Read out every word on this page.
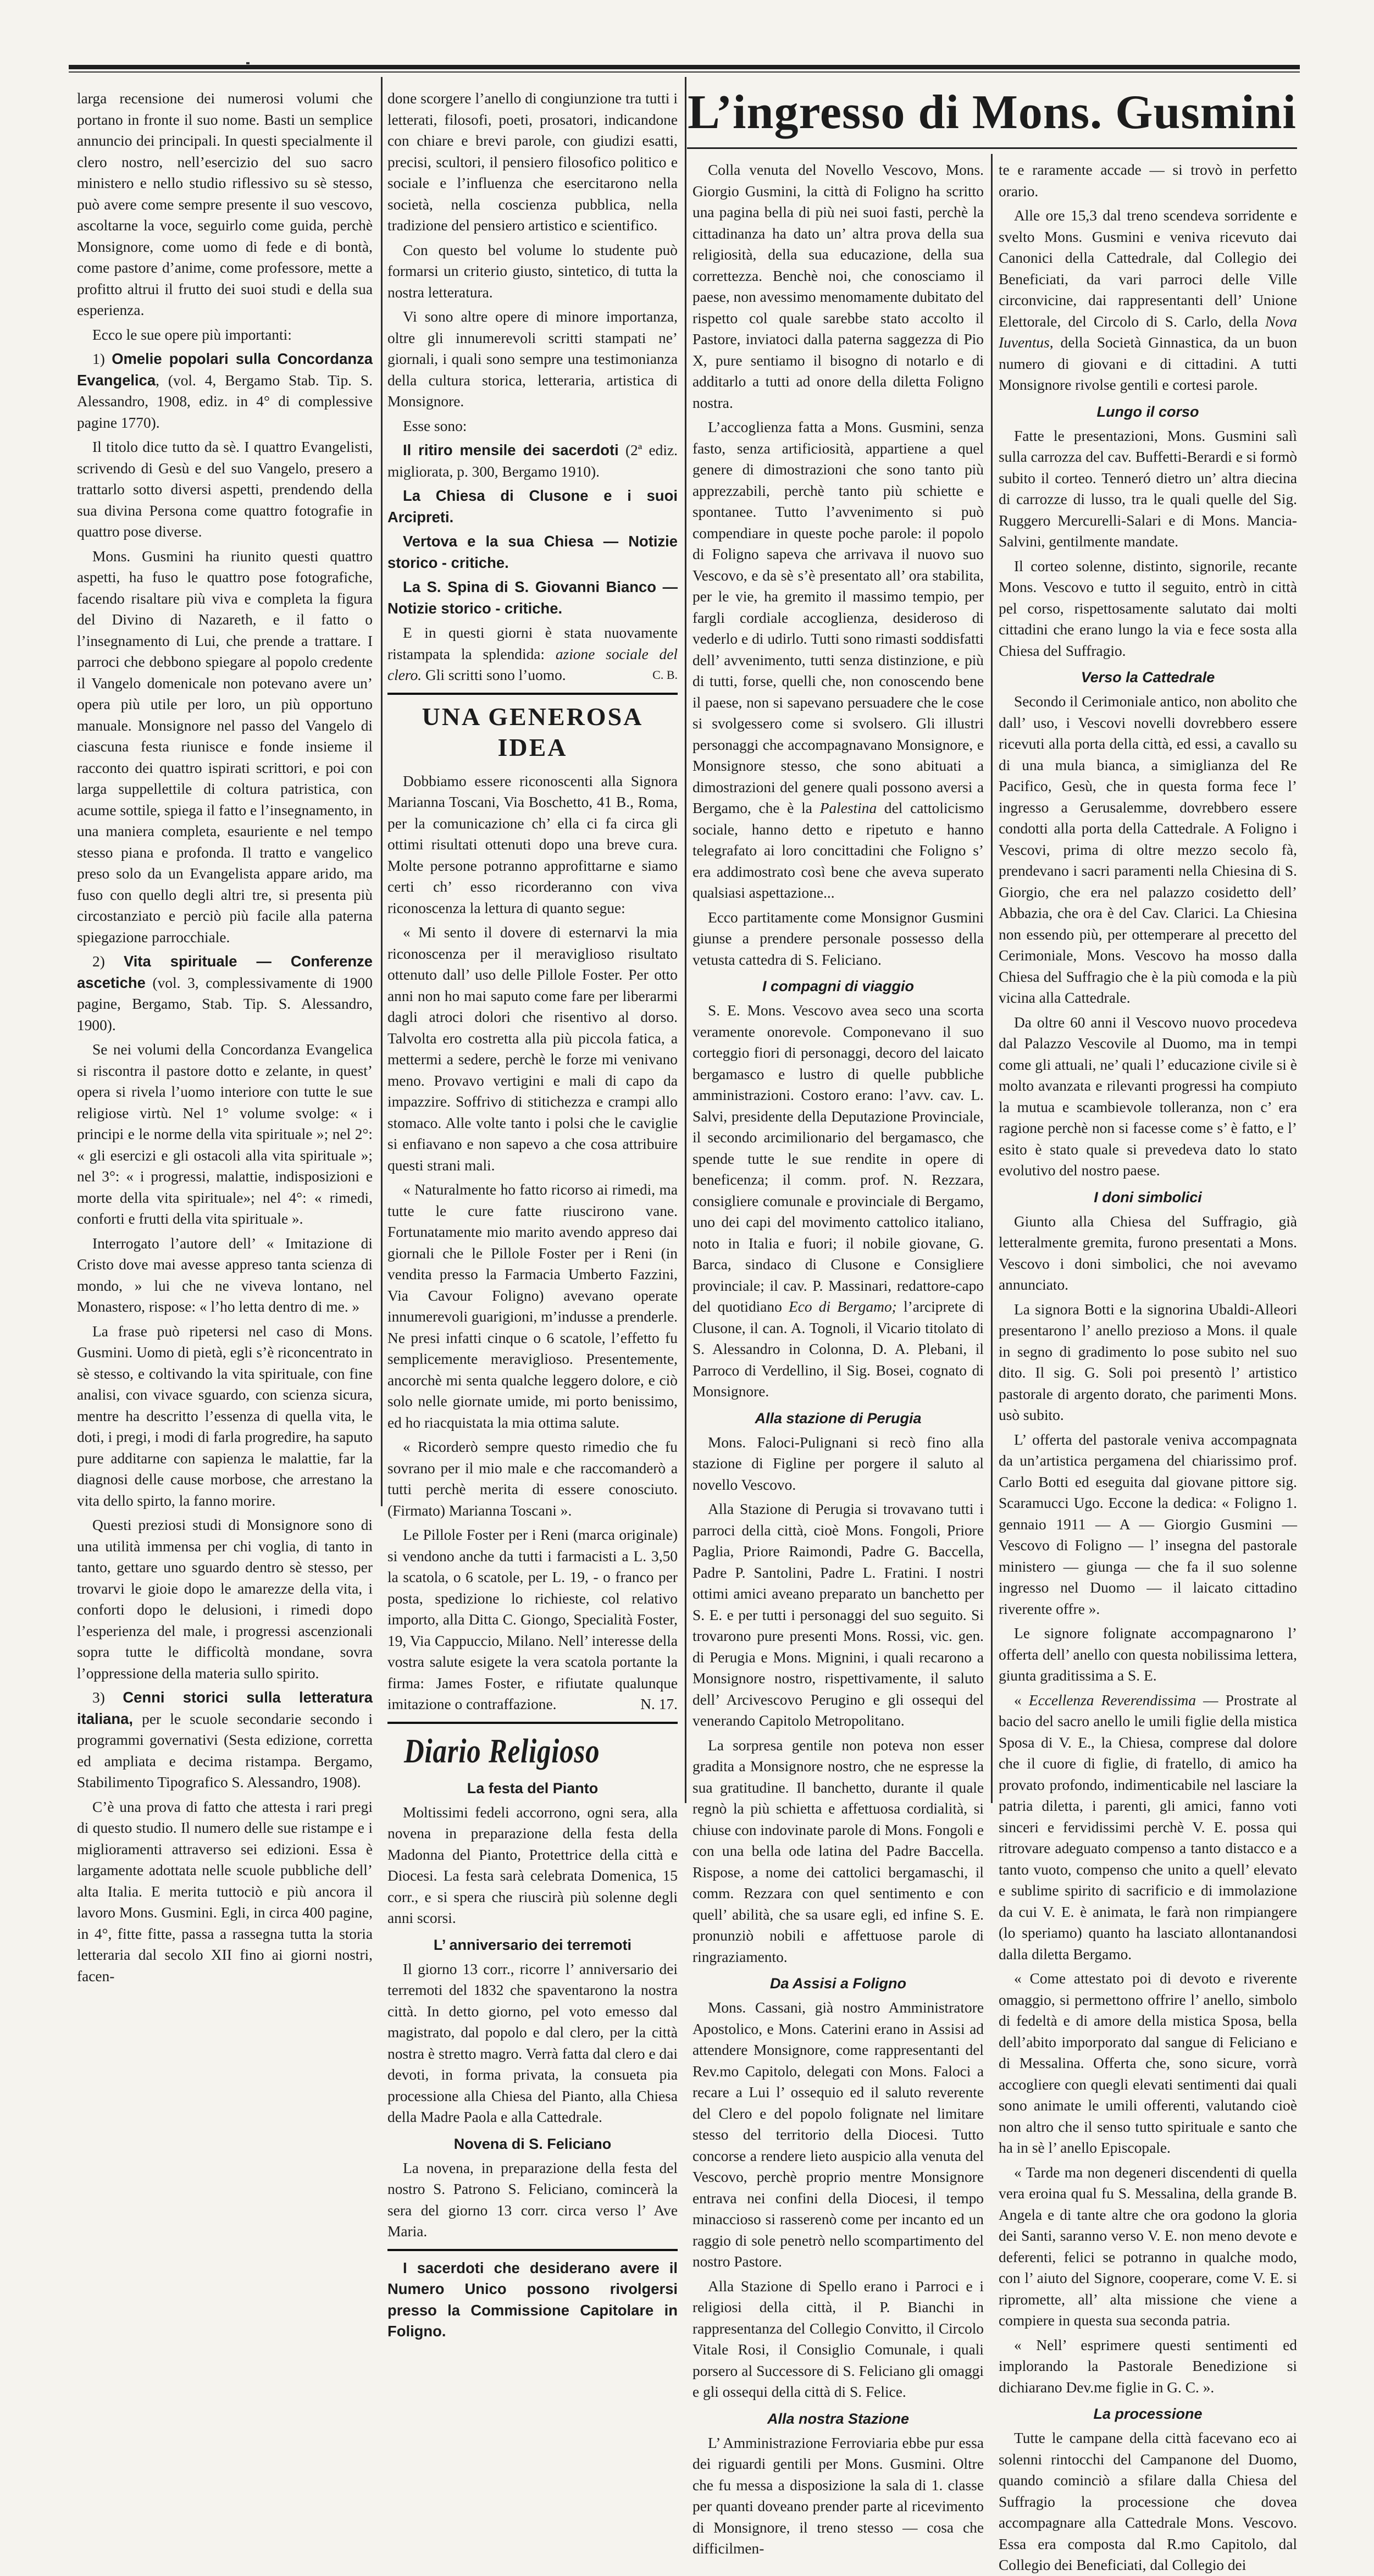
L’ingresso di Mons. Gusmini

larga recensione dei numerosi volumi che portano in fronte il suo nome. Basti un semplice annuncio dei principali. In questi specialmente il clero nostro, nell’esercizio del suo sacro ministero e nello studio riflessivo su sè stesso, può avere come sempre presente il suo vescovo, ascoltarne la voce, seguirlo come guida, perchè Monsignore, come uomo di fede e di bontà, come pastore d’anime, come professore, mette a profitto altrui il frutto dei suoi studi e della sua esperienza.

Ecco le sue opere più importanti:

1) Omelie popolari sulla Concordanza Evangelica, (vol. 4, Bergamo Stab. Tip. S. Alessandro, 1908, ediz. in 4° di complessive pagine 1770).

Il titolo dice tutto da sè. I quattro Evangelisti, scrivendo di Gesù e del suo Vangelo, presero a trattarlo sotto diversi aspetti, prendendo della sua divina Persona come quattro fotografie in quattro pose diverse.

Mons. Gusmini ha riunito questi quattro aspetti, ha fuso le quattro pose fotografiche, facendo risaltare più viva e completa la figura del Divino di Nazareth, e il fatto o l’insegnamento di Lui, che prende a trattare. I parroci che debbono spiegare al popolo credente il Vangelo domenicale non potevano avere un’ opera più utile per loro, un più opportuno manuale. Monsignore nel passo del Vangelo di ciascuna festa riunisce e fonde insieme il racconto dei quattro ispirati scrittori, e poi con larga suppellettile di coltura patristica, con acume sottile, spiega il fatto e l’insegnamento, in una maniera completa, esauriente e nel tempo stesso piana e profonda. Il tratto e vangelico preso solo da un Evangelista appare arido, ma fuso con quello degli altri tre, si presenta più circostanziato e perciò più facile alla paterna spiegazione parrocchiale.

2) Vita spirituale — Conferenze ascetiche (vol. 3, complessivamente di 1900 pagine, Bergamo, Stab. Tip. S. Alessandro, 1900).

Se nei volumi della Concordanza Evangelica si riscontra il pastore dotto e zelante, in quest’ opera si rivela l’uomo interiore con tutte le sue religiose virtù. Nel 1° volume svolge: « i principi e le norme della vita spirituale »; nel 2°: « gli esercizi e gli ostacoli alla vita spirituale »; nel 3°: « i progressi, malattie, indisposizioni e morte della vita spirituale»; nel 4°: « rimedi, conforti e frutti della vita spirituale ».

Interrogato l’autore dell’ « Imitazione di Cristo dove mai avesse appreso tanta scienza di mondo, » lui che ne viveva lontano, nel Monastero, rispose: « l’ho letta dentro di me. »

La frase può ripetersi nel caso di Mons. Gusmini. Uomo di pietà, egli s’è riconcentrato in sè stesso, e coltivando la vita spirituale, con fine analisi, con vivace sguardo, con scienza sicura, mentre ha descritto l’essenza di quella vita, le doti, i pregi, i modi di farla progredire, ha saputo pure additarne con sapienza le malattie, far la diagnosi delle cause morbose, che arrestano la vita dello spirto, la fanno morire.

Questi preziosi studi di Monsignore sono di una utilità immensa per chi voglia, di tanto in tanto, gettare uno sguardo dentro sè stesso, per trovarvi le gioie dopo le amarezze della vita, i conforti dopo le delusioni, i rimedi dopo l’esperienza del male, i progressi ascenzionali sopra tutte le difficoltà mondane, sovra l’oppressione della materia sullo spirito.

3) Cenni storici sulla letteratura italiana, per le scuole secondarie secondo i programmi governativi (Sesta edizione, corretta ed ampliata e decima ristampa. Bergamo, Stabilimento Tipografico S. Alessandro, 1908).

C’è una prova di fatto che attesta i rari pregi di questo studio. Il numero delle sue ristampe e i miglioramenti attraverso sei edizioni. Essa è largamente adottata nelle scuole pubbliche dell’ alta Italia. E merita tuttociò e più ancora il lavoro Mons. Gusmini. Egli, in circa 400 pagine, in 4°, fitte fitte, passa a rassegna tutta la storia letteraria dal secolo XII fino ai giorni nostri, facen-

done scorgere l’anello di congiunzione tra tutti i letterati, filosofi, poeti, prosatori, indicandone con chiare e brevi parole, con giudizi esatti, precisi, scultori, il pensiero filosofico politico e sociale e l’influenza che esercitarono nella società, nella coscienza pubblica, nella tradizione del pensiero artistico e scientifico.

Con questo bel volume lo studente può formarsi un criterio giusto, sintetico, di tutta la nostra letteratura.

Vi sono altre opere di minore importanza, oltre gli innumerevoli scritti stampati ne’ giornali, i quali sono sempre una testimonianza della cultura storica, letteraria, artistica di Monsignore.

Esse sono:

Il ritiro mensile dei sacerdoti (2ª ediz. migliorata, p. 300, Bergamo 1910).

La Chiesa di Clusone e i suoi Arcipreti.

Vertova e la sua Chiesa — Notizie storico - critiche.

La S. Spina di S. Giovanni Bianco — Notizie storico - critiche.

E in questi giorni è stata nuovamente ristampata la splendida: azione sociale del clero. Gli scritti sono l’uomo.	C. B.

UNA GENEROSA IDEA

Dobbiamo essere riconoscenti alla Signora Marianna Toscani, Via Boschetto, 41 B., Roma, per la comunicazione ch’ ella ci fa circa gli ottimi risultati ottenuti dopo una breve cura. Molte persone potranno approfittarne e siamo certi ch’ esso ricorderanno con viva riconoscenza la lettura di quanto segue:

« Mi sento il dovere di esternarvi la mia riconoscenza per il meraviglioso risultato ottenuto dall’ uso delle Pillole Foster. Per otto anni non ho mai saputo come fare per liberarmi dagli atroci dolori che risentivo al dorso. Talvolta ero costretta alla più piccola fatica, a mettermi a sedere, perchè le forze mi venivano meno. Provavo vertigini e mali di capo da impazzire. Soffrivo di stitichezza e crampi allo stomaco. Alle volte tanto i polsi che le caviglie si enfiavano e non sapevo a che cosa attribuire questi strani mali.

« Naturalmente ho fatto ricorso ai rimedi, ma tutte le cure fatte riuscirono vane. Fortunatamente mio marito avendo appreso dai giornali che le Pillole Foster per i Reni (in vendita presso la Farmacia Umberto Fazzini, Via Cavour Foligno) avevano operate innumerevoli guarigioni, m’indusse a prenderle. Ne presi infatti cinque o 6 scatole, l’effetto fu semplicemente meraviglioso. Presentemente, ancorchè mi senta qualche leggero dolore, e ciò solo nelle giornate umide, mi porto benissimo, ed ho riacquistata la mia ottima salute.

« Ricorderò sempre questo rimedio che fu sovrano per il mio male e che raccomanderò a tutti perchè merita di essere conosciuto. (Firmato) Marianna Toscani ».

Le Pillole Foster per i Reni (marca originale) si vendono anche da tutti i farmacisti a L. 3,50 la scatola, o 6 scatole, per L. 19, - o franco per posta, spedizione lo richieste, col relativo importo, alla Ditta C. Giongo, Specialità Foster, 19, Via Cappuccio, Milano. Nell’ interesse della vostra salute esigete la vera scatola portante la firma: James Foster, e rifiutate qualunque imitazione o contraffazione.	N. 17.

Diario Religioso
La festa del Pianto

Moltissimi fedeli accorrono, ogni sera, alla novena in preparazione della festa della Madonna del Pianto, Protettrice della città e Diocesi. La festa sarà celebrata Domenica, 15 corr., e si spera che riuscirà più solenne degli anni scorsi.

L’ anniversario dei terremoti

Il giorno 13 corr., ricorre l’ anniversario dei terremoti del 1832 che spaventarono la nostra città. In detto giorno, pel voto emesso dal magistrato, dal popolo e dal clero, per la città nostra è stretto magro. Verrà fatta dal clero e dai devoti, in forma privata, la consueta pia processione alla Chiesa del Pianto, alla Chiesa della Madre Paola e alla Cattedrale.

Novena di S. Feliciano

La novena, in preparazione della festa del nostro S. Patrono S. Feliciano, comincerà la sera del giorno 13 corr. circa verso l’ Ave Maria.

I sacerdoti che desiderano avere il Numero Unico possono rivolgersi presso la Commissione Capitolare in Foligno.

Colla venuta del Novello Vescovo, Mons. Giorgio Gusmini, la città di Foligno ha scritto una pagina bella di più nei suoi fasti, perchè la cittadinanza ha dato un’ altra prova della sua religiosità, della sua educazione, della sua correttezza. Benchè noi, che conosciamo il paese, non avessimo menomamente dubitato del rispetto col quale sarebbe stato accolto il Pastore, inviatoci dalla paterna saggezza di Pio X, pure sentiamo il bisogno di notarlo e di additarlo a tutti ad onore della diletta Foligno nostra.

L’accoglienza fatta a Mons. Gusmini, senza fasto, senza artificiosità, appartiene a quel genere di dimostrazioni che sono tanto più apprezzabili, perchè tanto più schiette e spontanee. Tutto l’avvenimento si può compendiare in queste poche parole: il popolo di Foligno sapeva che arrivava il nuovo suo Vescovo, e da sè s’è presentato all’ ora stabilita, per le vie, ha gremito il massimo tempio, per fargli cordiale accoglienza, desideroso di vederlo e di udirlo. Tutti sono rimasti soddisfatti dell’ avvenimento, tutti senza distinzione, e più di tutti, forse, quelli che, non conoscendo bene il paese, non si sapevano persuadere che le cose si svolgessero come si svolsero. Gli illustri personaggi che accompagnavano Monsignore, e Monsignore stesso, che sono abituati a dimostrazioni del genere quali possono aversi a Bergamo, che è la Palestina del cattolicismo sociale, hanno detto e ripetuto e hanno telegrafato ai loro concittadini che Foligno s’ era addimostrato così bene che aveva superato qualsiasi aspettazione...

Ecco partitamente come Monsignor Gusmini giunse a prendere personale possesso della vetusta cattedra di S. Feliciano.

I compagni di viaggio

S. E. Mons. Vescovo avea seco una scorta veramente onorevole. Componevano il suo corteggio fiori di personaggi, decoro del laicato bergamasco e lustro di quelle pubbliche amministrazioni. Costoro erano: l’avv. cav. L. Salvi, presidente della Deputazione Provinciale, il secondo arcimilionario del bergamasco, che spende tutte le sue rendite in opere di beneficenza; il comm. prof. N. Rezzara, consigliere comunale e provinciale di Bergamo, uno dei capi del movimento cattolico italiano, noto in Italia e fuori; il nobile giovane, G. Barca, sindaco di Clusone e Consigliere provinciale; il cav. P. Massinari, redattore-capo del quotidiano Eco di Bergamo; l’arciprete di Clusone, il can. A. Tognoli, il Vicario titolato di S. Alessandro in Colonna, D. A. Plebani, il Parroco di Verdellino, il Sig. Bosei, cognato di Monsignore.

Alla stazione di Perugia

Mons. Faloci-Pulignani si recò fino alla stazione di Figline per porgere il saluto al novello Vescovo.

Alla Stazione di Perugia si trovavano tutti i parroci della città, cioè Mons. Fongoli, Priore Paglia, Priore Raimondi, Padre G. Baccella, Padre P. Santolini, Padre L. Fratini. I nostri ottimi amici aveano preparato un banchetto per S. E. e per tutti i personaggi del suo seguito. Si trovarono pure presenti Mons. Rossi, vic. gen. di Perugia e Mons. Mignini, i quali recarono a Monsignore nostro, rispettivamente, il saluto dell’ Arcivescovo Perugino e gli ossequi del venerando Capitolo Metropolitano.

La sorpresa gentile non poteva non esser gradita a Monsignore nostro, che ne espresse la sua gratitudine. Il banchetto, durante il quale regnò la più schietta e affettuosa cordialità, si chiuse con indovinate parole di Mons. Fongoli e con una bella ode latina del Padre Baccella. Rispose, a nome dei cattolici bergamaschi, il comm. Rezzara con quel sentimento e con quell’ abilità, che sa usare egli, ed infine S. E. pronunziò nobili e affettuose parole di ringraziamento.

Da Assisi a Foligno

Mons. Cassani, già nostro Amministratore Apostolico, e Mons. Caterini erano in Assisi ad attendere Monsignore, come rappresentanti del Rev.mo Capitolo, delegati con Mons. Faloci a recare a Lui l’ ossequio ed il saluto reverente del Clero e del popolo folignate nel limitare stesso del territorio della Diocesi. Tutto concorse a rendere lieto auspicio alla venuta del Vescovo, perchè proprio mentre Monsignore entrava nei confini della Diocesi, il tempo minaccioso si rasserenò come per incanto ed un raggio di sole penetrò nello scompartimento del nostro Pastore.

Alla Stazione di Spello erano i Parroci e i religiosi della città, il P. Bianchi in rappresentanza del Collegio Convitto, il Circolo Vitale Rosi, il Consiglio Comunale, i quali porsero al Successore di S. Feliciano gli omaggi e gli ossequi della città di S. Felice.

Alla nostra Stazione

L’ Amministrazione Ferroviaria ebbe pur essa dei riguardi gentili per Mons. Gusmini. Oltre che fu messa a disposizione la sala di 1. classe per quanti doveano prender parte al ricevimento di Monsignore, il treno stesso — cosa che difficilmen-

te e raramente accade — si trovò in perfetto orario.

Alle ore 15,3 dal treno scendeva sorridente e svelto Mons. Gusmini e veniva ricevuto dai Canonici della Cattedrale, dal Collegio dei Beneficiati, da vari parroci delle Ville circonvicine, dai rappresentanti dell’ Unione Elettorale, del Circolo di S. Carlo, della Nova Iuventus, della Società Ginnastica, da un buon numero di giovani e di cittadini. A tutti Monsignore rivolse gentili e cortesi parole.

Lungo il corso

Fatte le presentazioni, Mons. Gusmini salì sulla carrozza del cav. Buffetti-Berardi e si formò subito il corteo. Tenneró dietro un’ altra diecina di carrozze di lusso, tra le quali quelle del Sig. Ruggero Mercurelli-Salari e di Mons. Mancia-Salvini, gentilmente mandate.

Il corteo solenne, distinto, signorile, recante Mons. Vescovo e tutto il seguito, entrò in città pel corso, rispettosamente salutato dai molti cittadini che erano lungo la via e fece sosta alla Chiesa del Suffragio.

Verso la Cattedrale

Secondo il Cerimoniale antico, non abolito che dall’ uso, i Vescovi novelli dovrebbero essere ricevuti alla porta della città, ed essi, a cavallo su di una mula bianca, a simiglianza del Re Pacifico, Gesù, che in questa forma fece l’ ingresso a Gerusalemme, dovrebbero essere condotti alla porta della Cattedrale. A Foligno i Vescovi, prima di oltre mezzo secolo fà, prendevano i sacri paramenti nella Chiesina di S. Giorgio, che era nel palazzo cosidetto dell’ Abbazia, che ora è del Cav. Clarici. La Chiesina non essendo più, per ottemperare al precetto del Cerimoniale, Mons. Vescovo ha mosso dalla Chiesa del Suffragio che è la più comoda e la più vicina alla Cattedrale.

Da oltre 60 anni il Vescovo nuovo procedeva dal Palazzo Vescovile al Duomo, ma in tempi come gli attuali, ne’ quali l’ educazione civile si è molto avanzata e rilevanti progressi ha compiuto la mutua e scambievole tolleranza, non c’ era ragione perchè non si facesse come s’ è fatto, e l’ esito è stato quale si prevedeva dato lo stato evolutivo del nostro paese.

I doni simbolici

Giunto alla Chiesa del Suffragio, già letteralmente gremita, furono presentati a Mons. Vescovo i doni simbolici, che noi avevamo annunciato.

La signora Botti e la signorina Ubaldi-Alleori presentarono l’ anello prezioso a Mons. il quale in segno di gradimento lo pose subito nel suo dito. Il sig. G. Soli poi presentò l’ artistico pastorale di argento dorato, che parimenti Mons. usò subito.

L’ offerta del pastorale veniva accompagnata da un’artistica pergamena del chiarissimo prof. Carlo Botti ed eseguita dal giovane pittore sig. Scaramucci Ugo. Eccone la dedica: « Foligno 1. gennaio 1911 — A — Giorgio Gusmini — Vescovo di Foligno — l’ insegna del pastorale ministero — giunga — che fa il suo solenne ingresso nel Duomo — il laicato cittadino riverente offre ».

Le signore folignate accompagnarono l’ offerta dell’ anello con questa nobilissima lettera, giunta graditissima a S. E.

« Eccellenza Reverendissima — Prostrate al bacio del sacro anello le umili figlie della mistica Sposa di V. E., la Chiesa, comprese dal dolore che il cuore di figlie, di fratello, di amico ha provato profondo, indimenticabile nel lasciare la patria diletta, i parenti, gli amici, fanno voti sinceri e fervidissimi perchè V. E. possa qui ritrovare adeguato compenso a tanto distacco e a tanto vuoto, compenso che unito a quell’ elevato e sublime spirito di sacrificio e di immolazione da cui V. E. è animata, le farà non rimpiangere (lo speriamo) quanto ha lasciato allontanandosi dalla diletta Bergamo.

« Come attestato poi di devoto e riverente omaggio, si permettono offrire l’ anello, simbolo di fedeltà e di amore della mistica Sposa, bella dell’abito imporporato dal sangue di Feliciano e di Messalina. Offerta che, sono sicure, vorrà accogliere con quegli elevati sentimenti dai quali sono animate le umili offerenti, valutando cioè non altro che il senso tutto spirituale e santo che ha in sè l’ anello Episcopale.

« Tarde ma non degeneri discendenti di quella vera eroina qual fu S. Messalina, della grande B. Angela e di tante altre che ora godono la gloria dei Santi, saranno verso V. E. non meno devote e deferenti, felici se potranno in qualche modo, con l’ aiuto del Signore, cooperare, come V. E. si ripromette, all’ alta missione che viene a compiere in questa sua seconda patria.

« Nell’ esprimere questi sentimenti ed implorando la Pastorale Benedizione si dichiarano Dev.me figlie in G. C. ».

La processione

Tutte le campane della città facevano eco ai solenni rintocchi del Campanone del Duomo, quando cominciò a sfilare dalla Chiesa del Suffragio la processione che dovea accompagnare alla Cattedrale Mons. Vescovo. Essa era composta dal R.mo Capitolo, dal Collegio dei Beneficiati, dal Collegio dei
